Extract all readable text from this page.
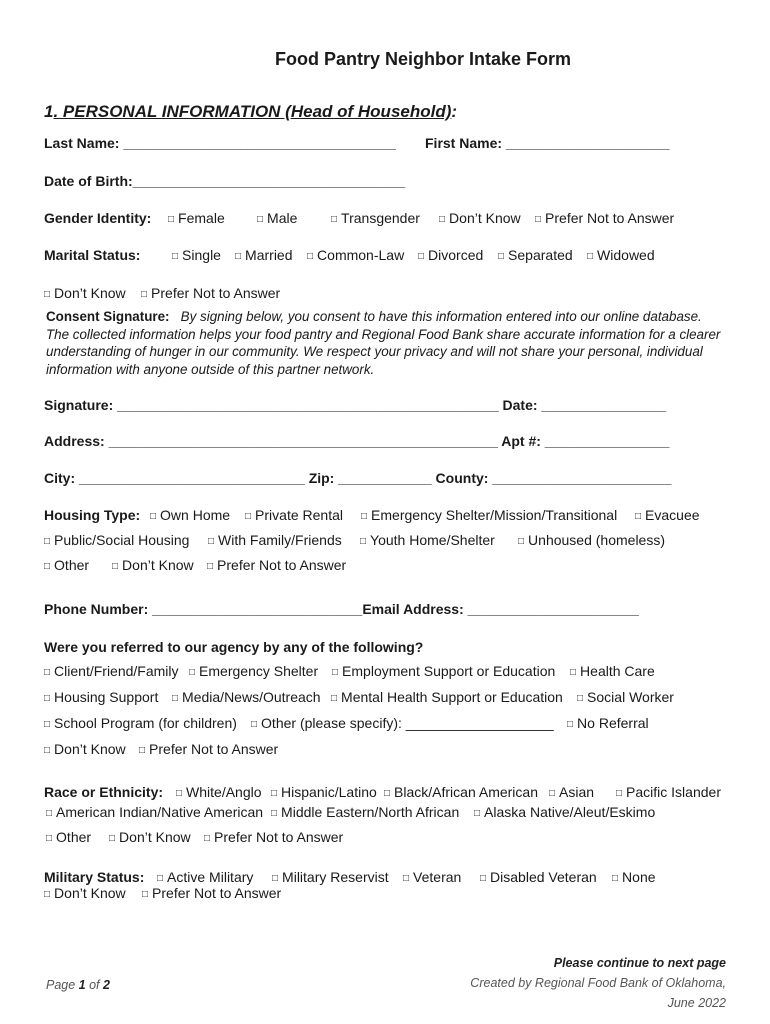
Food Pantry Neighbor Intake Form
1. PERSONAL INFORMATION (Head of Household):
Last Name: ___________________________________ First Name: _____________________
Date of Birth:___________________________________
Gender Identity: □ Female	□ Male	□ Transgender □ Don’t Know □ Prefer Not to Answer
Marital Status:	□ Single □ Married □ Common-Law □ Divorced □ Separated □ Widowed
□ Don’t Know □ Prefer Not to Answer
Consent Signature: By signing below, you consent to have this information entered into our online database. The collected information helps your food pantry and Regional Food Bank share accurate information for a clearer understanding of hunger in our community. We respect your privacy and will not share your personal, individual information with anyone outside of this partner network.
Signature: _________________________________________________ Date: ________________
Address: __________________________________________________ Apt #: ________________
City: _____________________________ Zip: ____________ County: _______________________
Housing Type: □ Own Home □ Private Rental □ Emergency Shelter/Mission/Transitional □ Evacuee
□ Public/Social Housing □ With Family/Friends □ Youth Home/Shelter □ Unhoused (homeless)
□ Other □ Don’t Know □ Prefer Not to Answer
Phone Number: ___________________________Email Address: ______________________
Were you referred to our agency by any of the following?
□ Client/Friend/Family □ Emergency Shelter □ Employment Support or Education □ Health Care
□ Housing Support □ Media/News/Outreach □ Mental Health Support or Education □ Social Worker
□ School Program (for children) □ Other (please specify): ___________________ □ No Referral
□ Don’t Know □ Prefer Not to Answer
Race or Ethnicity: □ White/Anglo □ Hispanic/Latino □ Black/African American □ Asian □ Pacific Islander
□ American Indian/Native American □ Middle Eastern/North African □ Alaska Native/Aleut/Eskimo
□ Other □ Don’t Know □ Prefer Not to Answer
Military Status: □ Active Military □ Military Reservist □ Veteran □ Disabled Veteran □ None
□ Don’t Know □ Prefer Not to Answer
Please continue to next page
Created by Regional Food Bank of Oklahoma,
June 2022
Page 1 of 2
